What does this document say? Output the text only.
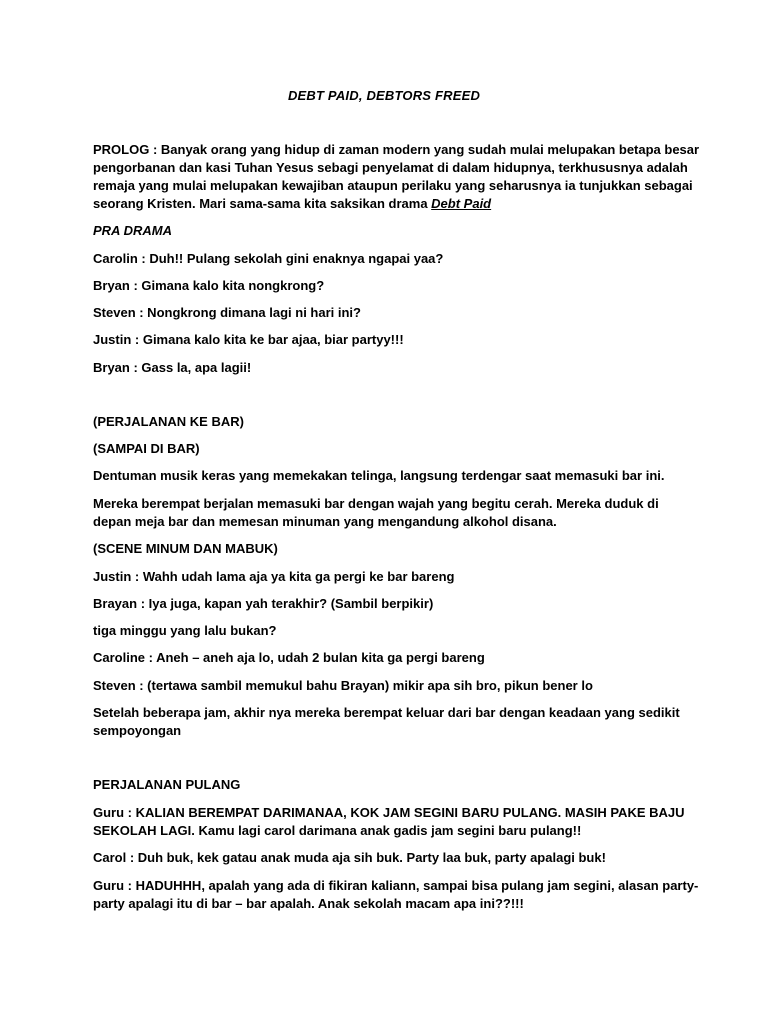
DEBT PAID, DEBTORS FREED
PROLOG : Banyak orang yang hidup di zaman modern yang sudah mulai melupakan betapa besar
pengorbanan dan kasi Tuhan Yesus sebagi penyelamat di dalam hidupnya, terkhususnya adalah
remaja yang mulai melupakan kewajiban ataupun perilaku yang seharusnya ia tunjukkan sebagai
seorang Kristen. Mari sama-sama kita saksikan drama Debt Paid
PRA DRAMA
Carolin : Duh!! Pulang sekolah gini enaknya ngapai yaa?
Bryan : Gimana kalo kita nongkrong?
Steven : Nongkrong dimana lagi ni hari ini?
Justin : Gimana kalo kita ke bar ajaa, biar partyy!!!
Bryan : Gass la, apa lagii!
(PERJALANAN KE BAR)
(SAMPAI DI BAR)
Dentuman musik keras yang memekakan telinga, langsung terdengar saat memasuki bar ini.
Mereka berempat berjalan memasuki bar dengan wajah yang begitu cerah. Mereka duduk di
depan meja bar dan memesan minuman yang mengandung alkohol disana.
(SCENE MINUM DAN MABUK)
Justin : Wahh udah lama aja ya kita ga pergi ke bar bareng
Brayan : Iya juga, kapan yah terakhir? (Sambil berpikir)
tiga minggu yang lalu bukan?
Caroline : Aneh – aneh aja lo, udah 2 bulan kita ga pergi bareng
Steven : (tertawa sambil memukul bahu Brayan) mikir apa sih bro, pikun bener lo
Setelah beberapa jam, akhir nya mereka berempat keluar dari bar dengan keadaan yang sedikit
sempoyongan
PERJALANAN PULANG
Guru : KALIAN BEREMPAT DARIMANAA, KOK JAM SEGINI BARU PULANG. MASIH PAKE BAJU
SEKOLAH LAGI. Kamu lagi carol darimana anak gadis jam segini baru pulang!!
Carol : Duh buk, kek gatau anak muda aja sih buk. Party laa buk, party apalagi buk!
Guru : HADUHHH, apalah yang ada di fikiran kaliann, sampai bisa pulang jam segini, alasan party-
party apalagi itu di bar – bar apalah. Anak sekolah macam apa ini??!!!
